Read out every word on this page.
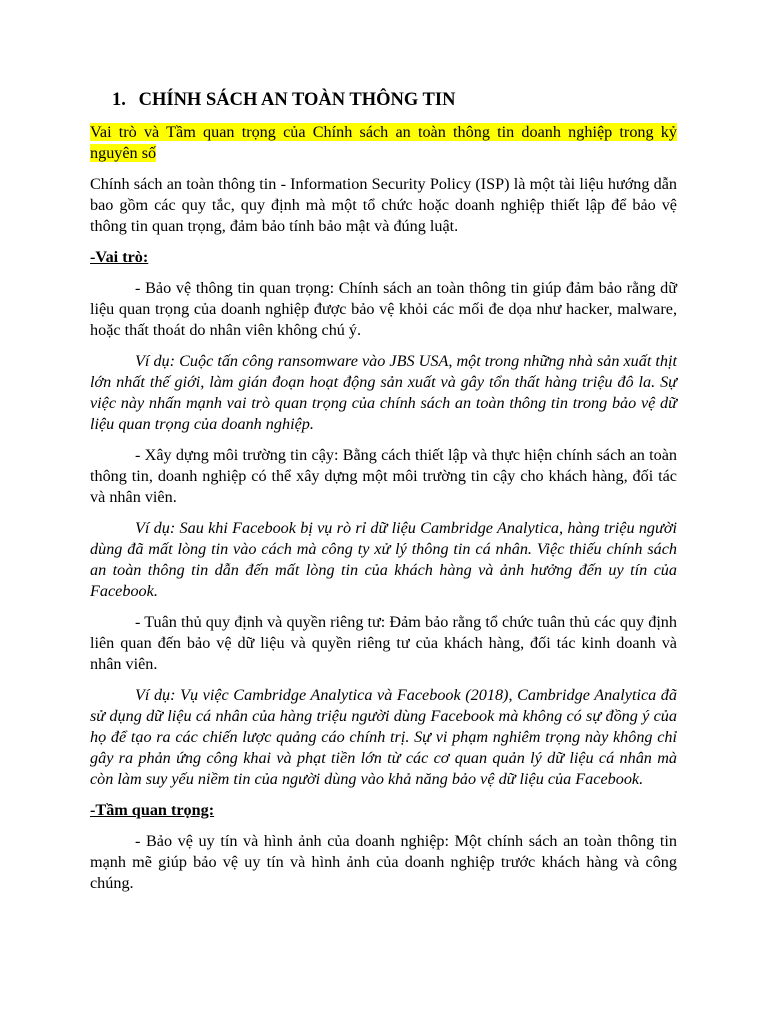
1. CHÍNH SÁCH AN TOÀN THÔNG TIN

Vai trò và Tầm quan trọng của Chính sách an toàn thông tin doanh nghiệp trong kỷ nguyên số

Chính sách an toàn thông tin - Information Security Policy (ISP) là một tài liệu hướng dẫn bao gồm các quy tắc, quy định mà một tổ chức hoặc doanh nghiệp thiết lập để bảo vệ thông tin quan trọng, đảm bảo tính bảo mật và đúng luật.

-Vai trò:

- Bảo vệ thông tin quan trọng: Chính sách an toàn thông tin giúp đảm bảo rằng dữ liệu quan trọng của doanh nghiệp được bảo vệ khỏi các mối đe dọa như hacker, malware, hoặc thất thoát do nhân viên không chú ý.

Ví dụ: Cuộc tấn công ransomware vào JBS USA, một trong những nhà sản xuất thịt lớn nhất thế giới, làm gián đoạn hoạt động sản xuất và gây tổn thất hàng triệu đô la. Sự việc này nhấn mạnh vai trò quan trọng của chính sách an toàn thông tin trong bảo vệ dữ liệu quan trọng của doanh nghiệp.

- Xây dựng môi trường tin cậy: Bằng cách thiết lập và thực hiện chính sách an toàn thông tin, doanh nghiệp có thể xây dựng một môi trường tin cậy cho khách hàng, đối tác và nhân viên.

Ví dụ: Sau khi Facebook bị vụ rò rỉ dữ liệu Cambridge Analytica, hàng triệu người dùng đã mất lòng tin vào cách mà công ty xử lý thông tin cá nhân. Việc thiếu chính sách an toàn thông tin dẫn đến mất lòng tin của khách hàng và ảnh hưởng đến uy tín của Facebook.

- Tuân thủ quy định và quyền riêng tư: Đảm bảo rằng tổ chức tuân thủ các quy định liên quan đến bảo vệ dữ liệu và quyền riêng tư của khách hàng, đối tác kinh doanh và nhân viên.

Ví dụ: Vụ việc Cambridge Analytica và Facebook (2018), Cambridge Analytica đã sử dụng dữ liệu cá nhân của hàng triệu người dùng Facebook mà không có sự đồng ý của họ để tạo ra các chiến lược quảng cáo chính trị. Sự vi phạm nghiêm trọng này không chỉ gây ra phản ứng công khai và phạt tiền lớn từ các cơ quan quản lý dữ liệu cá nhân mà còn làm suy yếu niềm tin của người dùng vào khả năng bảo vệ dữ liệu của Facebook.

-Tầm quan trọng:

- Bảo vệ uy tín và hình ảnh của doanh nghiệp: Một chính sách an toàn thông tin mạnh mẽ giúp bảo vệ uy tín và hình ảnh của doanh nghiệp trước khách hàng và công chúng.
